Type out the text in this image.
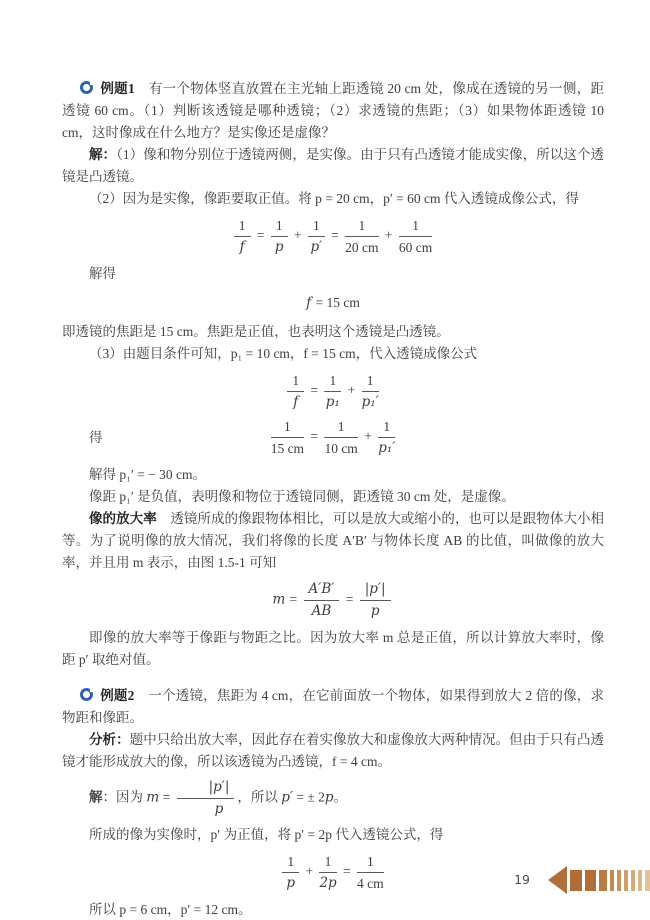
例题1　有一个物体竖直放置在主光轴上距透镜 20 cm 处，像成在透镜的另一侧，距透镜 60 cm。（1）判断该透镜是哪种透镜；（2）求透镜的焦距；（3）如果物体距透镜 10 cm，这时像成在什么地方？是实像还是虚像？

解：（1）像和物分别位于透镜两侧，是实像。由于只有凸透镜才能成实像，所以这个透镜是凸透镜。

（2）因为是实像，像距要取正值。将 p = 20 cm，p′ = 60 cm 代入透镜成像公式，得

$\frac{1}{f} = \frac{1}{p} + \frac{1}{p'} = \frac{1}{20 cm} + \frac{1}{60 cm}$

解得

f = 15 cm

即透镜的焦距是 15 cm。焦距是正值，也表明这个透镜是凸透镜。

（3）由题目条件可知，p₁ = 10 cm，f = 15 cm，代入透镜成像公式

$\frac{1}{f} = \frac{1}{\text{p₁}} + \frac{1}{\text{p₁′}}$
得	$\frac{1}{15 cm} = \frac{1}{10 cm} + \frac{1}{\text{p₁′}}$

解得 p₁′ = − 30 cm。

像距 p₁′ 是负值，表明像和物位于透镜同侧，距透镜 30 cm 处，是虚像。

像的放大率　透镜所成的像跟物体相比，可以是放大或缩小的，也可以是跟物体大小相等。为了说明像的放大情况，我们将像的长度 A′B′ 与物体长度 AB 的比值，叫做像的放大率，并且用 m 表示，由图 1.5-1 可知

$m = \frac{A'B'}{AB} = \frac{|p'|}{p}$

即像的放大率等于像距与物距之比。因为放大率 m 总是正值，所以计算放大率时，像距 p′ 取绝对值。

例题2　一个透镜，焦距为 4 cm，在它前面放一个物体，如果得到放大 2 倍的像，求物距和像距。

分析：题中只给出放大率，因此存在着实像放大和虚像放大两种情况。但由于只有凸透镜才能形成放大的像，所以该透镜为凸透镜，f = 4 cm。

解：因为 $m = \frac{|p'|}{p}$ ，所以 p′ = ± 2p。

所成的像为实像时，p′ 为正值，将 p′ = 2p 代入透镜公式，得

$\frac{1}{p} + \frac{1}{2p} = \frac{1}{4 cm}$

所以 p = 6 cm，p′ = 12 cm。

19
